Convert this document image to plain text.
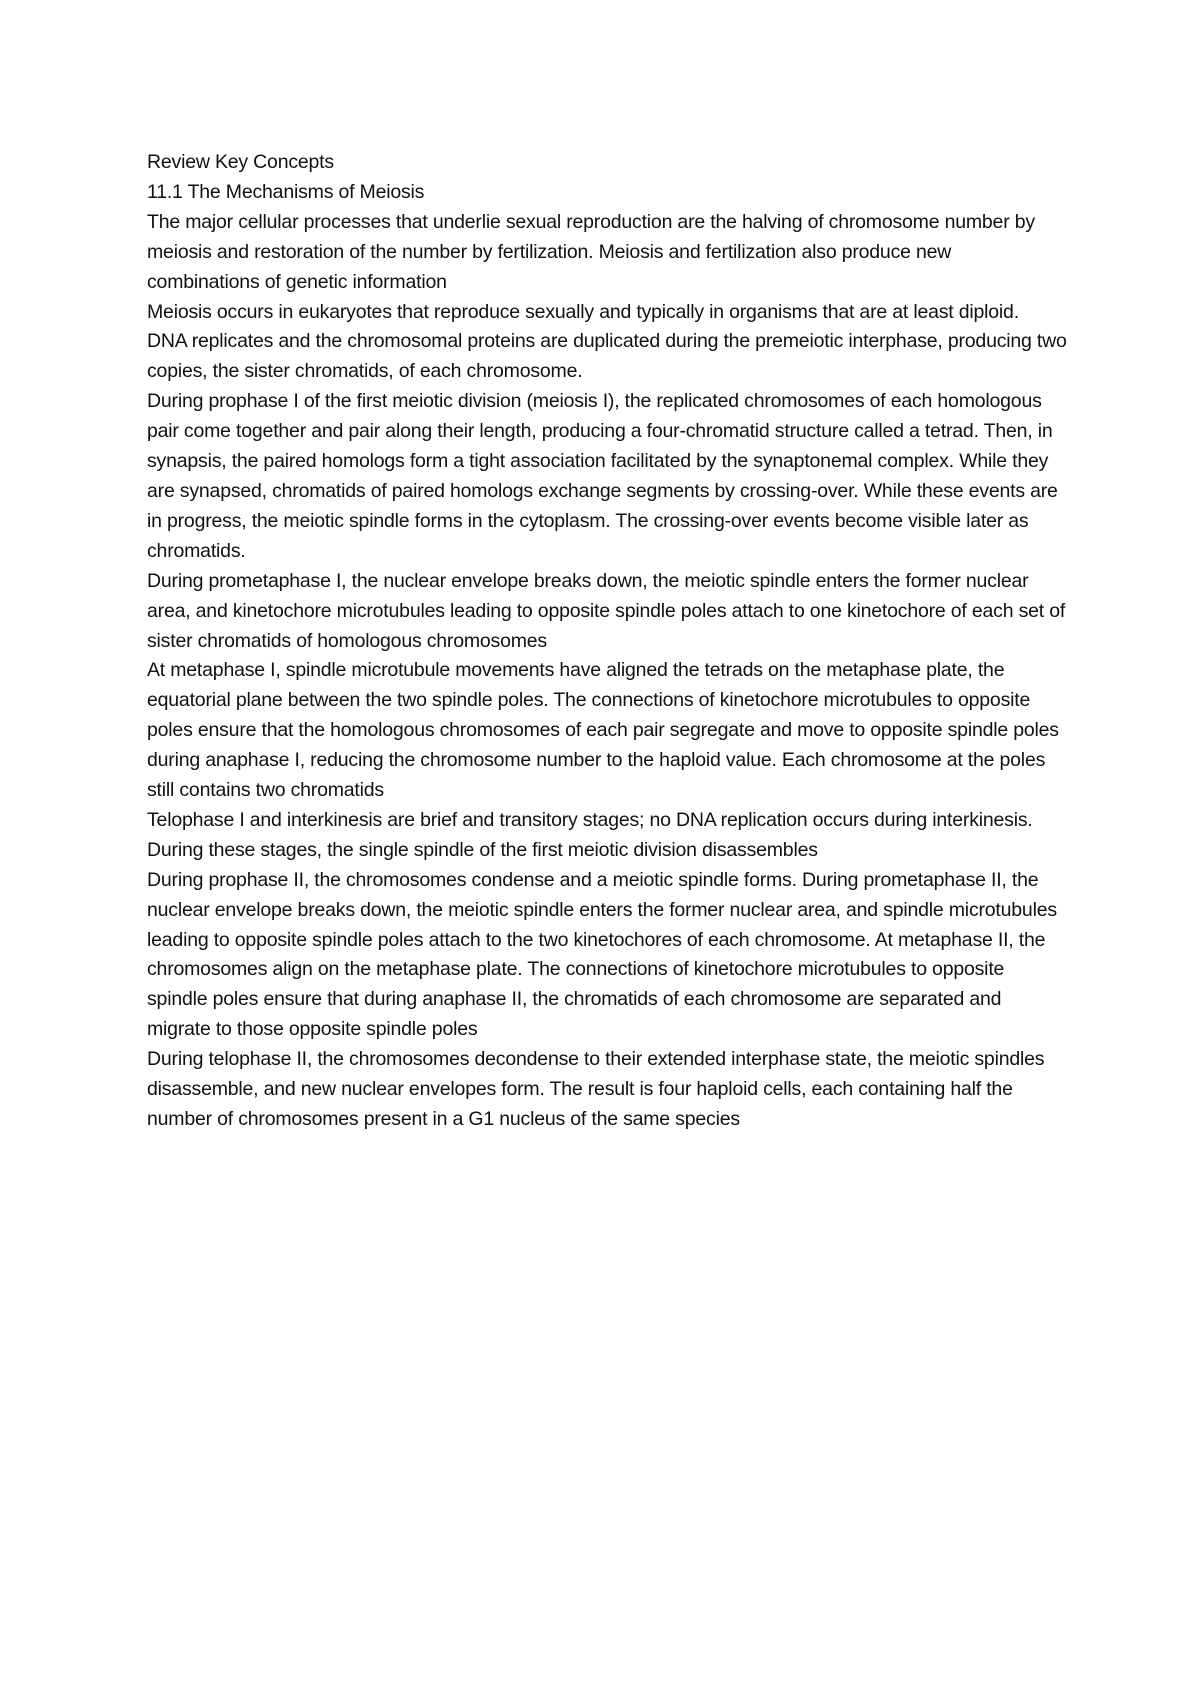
Review Key Concepts

11.1 The Mechanisms of Meiosis

The major cellular processes that underlie sexual reproduction are the halving of chromosome number by meiosis and restoration of the number by fertilization. Meiosis and fertilization also produce new combinations of genetic information

Meiosis occurs in eukaryotes that reproduce sexually and typically in organisms that are at least diploid.

DNA replicates and the chromosomal proteins are duplicated during the premeiotic interphase, producing two copies, the sister chromatids, of each chromosome.

During prophase I of the first meiotic division (meiosis I), the replicated chromosomes of each homologous pair come together and pair along their length, producing a four-chromatid structure called a tetrad. Then, in synapsis, the paired homologs form a tight association facilitated by the synaptonemal complex. While they are synapsed, chromatids of paired homologs exchange segments by crossing-over. While these events are in progress, the meiotic spindle forms in the cytoplasm. The crossing-over events become visible later as chromatids.

During prometaphase I, the nuclear envelope breaks down, the meiotic spindle enters the former nuclear area, and kinetochore microtubules leading to opposite spindle poles attach to one kinetochore of each set of sister chromatids of homologous chromosomes

At metaphase I, spindle microtubule movements have aligned the tetrads on the metaphase plate, the equatorial plane between the two spindle poles. The connections of kinetochore microtubules to opposite poles ensure that the homologous chromosomes of each pair segregate and move to opposite spindle poles during anaphase I, reducing the chromosome number to the haploid value. Each chromosome at the poles still contains two chromatids

Telophase I and interkinesis are brief and transitory stages; no DNA replication occurs during interkinesis. During these stages, the single spindle of the first meiotic division disassembles

During prophase II, the chromosomes condense and a meiotic spindle forms. During prometaphase II, the nuclear envelope breaks down, the meiotic spindle enters the former nuclear area, and spindle microtubules leading to opposite spindle poles attach to the two kinetochores of each chromosome. At metaphase II, the chromosomes align on the metaphase plate. The connections of kinetochore microtubules to opposite spindle poles ensure that during anaphase II, the chromatids of each chromosome are separated and migrate to those opposite spindle poles

During telophase II, the chromosomes decondense to their extended interphase state, the meiotic spindles disassemble, and new nuclear envelopes form. The result is four haploid cells, each containing half the number of chromosomes present in a G1 nucleus of the same species
